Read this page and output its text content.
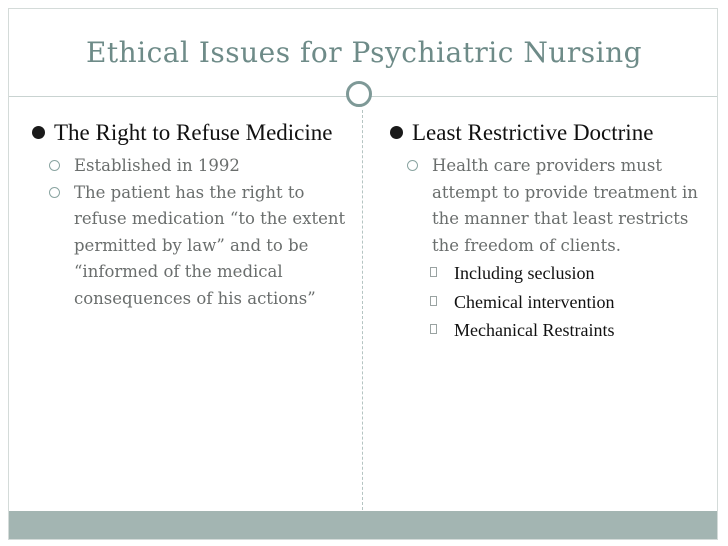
Ethical Issues for Psychiatric Nursing

The Right to Refuse Medicine

Established in 1992

The patient has the right to refuse medication “to the extent permitted by law” and to be “informed of the medical consequences of his actions”

Least Restrictive Doctrine

Health care providers must attempt to provide treatment in the manner that least restricts the freedom of clients.

Including seclusion

Chemical intervention

Mechanical Restraints
